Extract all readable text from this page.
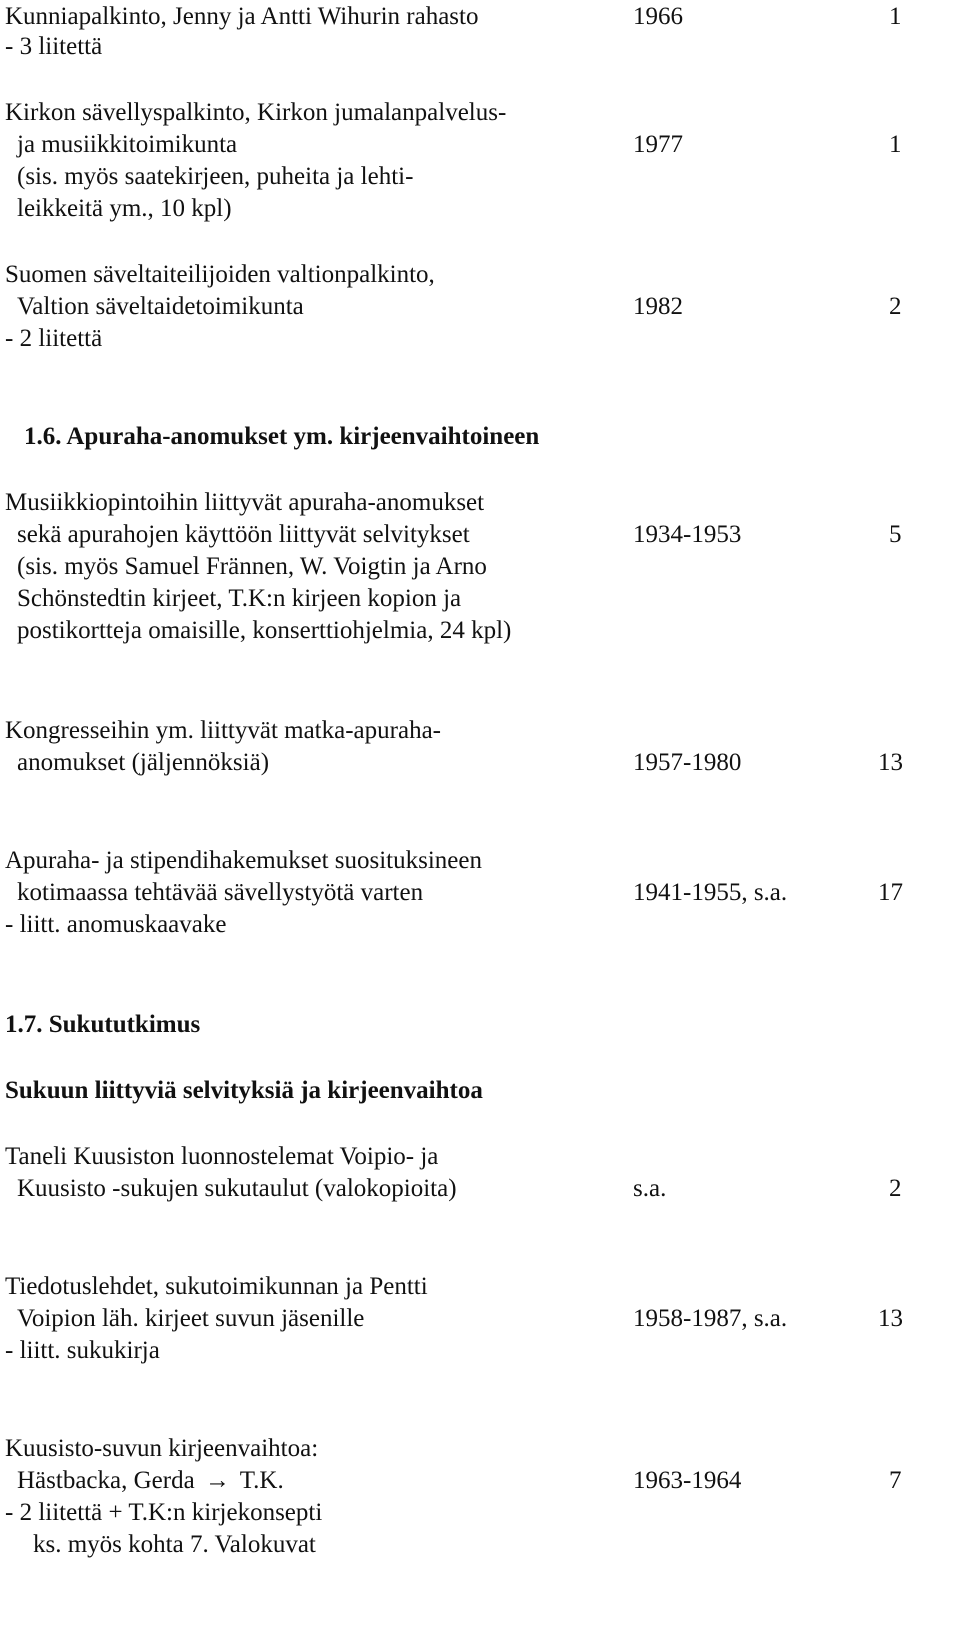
Kunniapalkinto, Jenny ja Antti Wihurin rahasto	1966	1
- 3 liitettä
Kirkon sävellyspalkinto, Kirkon jumalanpalvelus-
ja musiikkitoimikunta	1977	1
(sis. myös saatekirjeen, puheita ja lehti-
leikkeitä ym., 10 kpl)
Suomen säveltaiteilijoiden valtionpalkinto,
Valtion säveltaidetoimikunta	1982	2
- 2 liitettä
1.6. Apuraha-anomukset ym. kirjeenvaihtoineen
Musiikkiopintoihin liittyvät apuraha-anomukset
sekä apurahojen käyttöön liittyvät selvitykset	1934-1953	5
(sis. myös Samuel Frännen, W. Voigtin ja Arno
Schönstedtin kirjeet, T.K:n kirjeen kopion ja
postikortteja omaisille, konserttiohjelmia, 24 kpl)
Kongresseihin ym. liittyvät matka-apuraha-
anomukset (jäljennöksiä)	1957-1980	13
Apuraha- ja stipendihakemukset suosituksineen
kotimaassa tehtävää sävellystyötä varten	1941-1955, s.a.	17
- liitt. anomuskaavake
1.7. Sukututkimus
Sukuun liittyviä selvityksiä ja kirjeenvaihtoa
Taneli Kuusiston luonnostelemat Voipio- ja
Kuusisto -sukujen sukutaulut (valokopioita)	s.a.	2
Tiedotuslehdet, sukutoimikunnan ja Pentti
Voipion läh. kirjeet suvun jäsenille	1958-1987, s.a.	13
- liitt. sukukirja
Kuusisto-suvun kirjeenvaihtoa:
Hästbacka, Gerda → T.K.	1963-1964	7
- 2 liitettä + T.K:n kirjekonsepti
ks. myös kohta 7. Valokuvat
